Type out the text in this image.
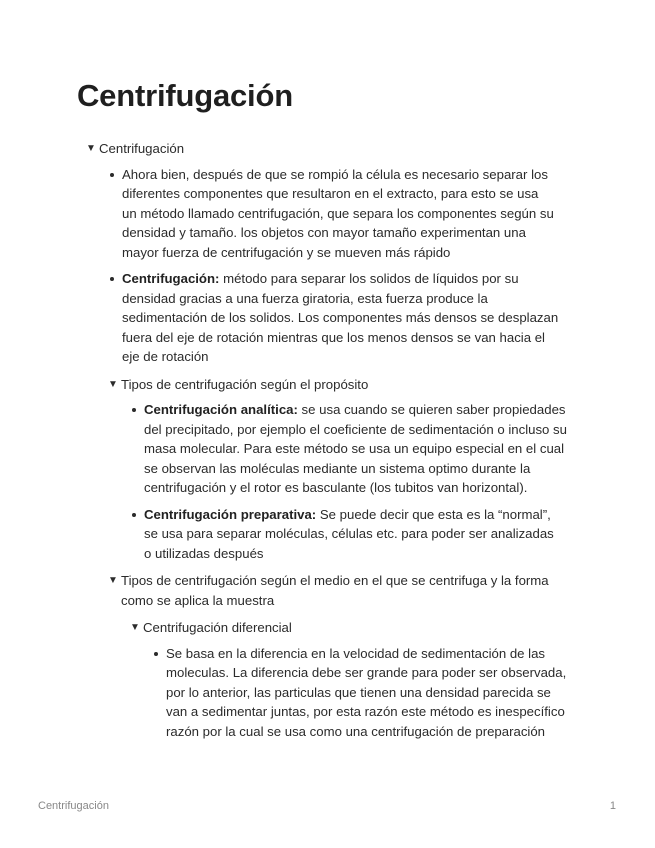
Centrifugación
▼ Centrifugación
Ahora bien, después de que se rompió la célula es necesario separar los diferentes componentes que resultaron en el extracto, para esto se usa un método llamado centrifugación, que separa los componentes según su densidad y tamaño. los objetos con mayor tamaño experimentan una mayor fuerza de centrifugación y se mueven más rápido
Centrifugación: método para separar los solidos de líquidos por su densidad gracias a una fuerza giratoria, esta fuerza produce la sedimentación de los solidos. Los componentes más densos se desplazan fuera del eje de rotación mientras que los menos densos se van hacia el eje de rotación
▼ Tipos de centrifugación según el propósito
Centrifugación analítica: se usa cuando se quieren saber propiedades del precipitado, por ejemplo el coeficiente de sedimentación o incluso su masa molecular. Para este método se usa un equipo especial en el cual se observan las moléculas mediante un sistema optimo durante la centrifugación y el rotor es basculante (los tubitos van horizontal).
Centrifugación preparativa: Se puede decir que esta es la “normal”, se usa para separar moléculas, células etc. para poder ser analizadas o utilizadas después
▼ Tipos de centrifugación según el medio en el que se centrifuga y la forma como se aplica la muestra
▼ Centrifugación diferencial
Se basa en la diferencia en la velocidad de sedimentación de las moleculas. La diferencia debe ser grande para poder ser observada, por lo anterior, las particulas que tienen una densidad parecida se van a sedimentar juntas, por esta razón este método es inespecífico razón por la cual se usa como una centrifugación de preparación
Centrifugación	1
